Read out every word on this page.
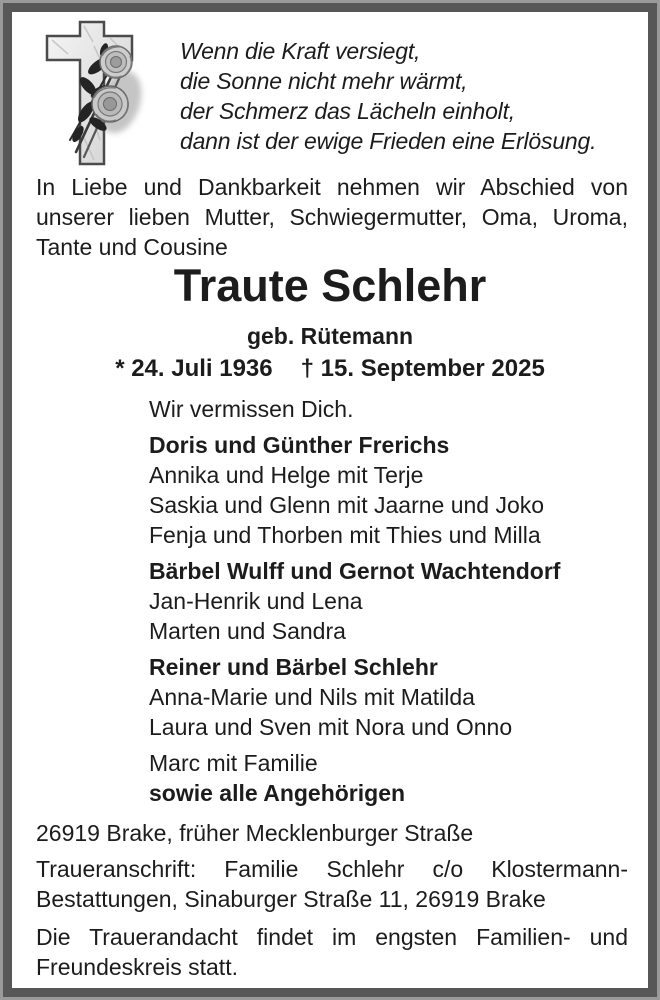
Wenn die Kraft versiegt,
die Sonne nicht mehr wärmt,
der Schmerz das Lächeln einholt,
dann ist der ewige Frieden eine Erlösung.
In Liebe und Dankbarkeit nehmen wir Abschied von
unserer lieben Mutter, Schwiegermutter, Oma, Uroma,
Tante und Cousine
Traute Schlehr
geb. Rütemann
* 24. Juli 1936 † 15. September 2025
Wir vermissen Dich.
Doris und Günther Frerichs
Annika und Helge mit Terje
Saskia und Glenn mit Jaarne und Joko
Fenja und Thorben mit Thies und Milla
Bärbel Wulff und Gernot Wachtendorf
Jan-Henrik und Lena
Marten und Sandra
Reiner und Bärbel Schlehr
Anna-Marie und Nils mit Matilda
Laura und Sven mit Nora und Onno
Marc mit Familie
sowie alle Angehörigen
26919 Brake, früher Mecklenburger Straße
Traueranschrift: Familie Schlehr c/o Klostermann-
Bestattungen, Sinaburger Straße 11, 26919 Brake
Die Trauerandacht findet im engsten Familien- und
Freundeskreis statt.
